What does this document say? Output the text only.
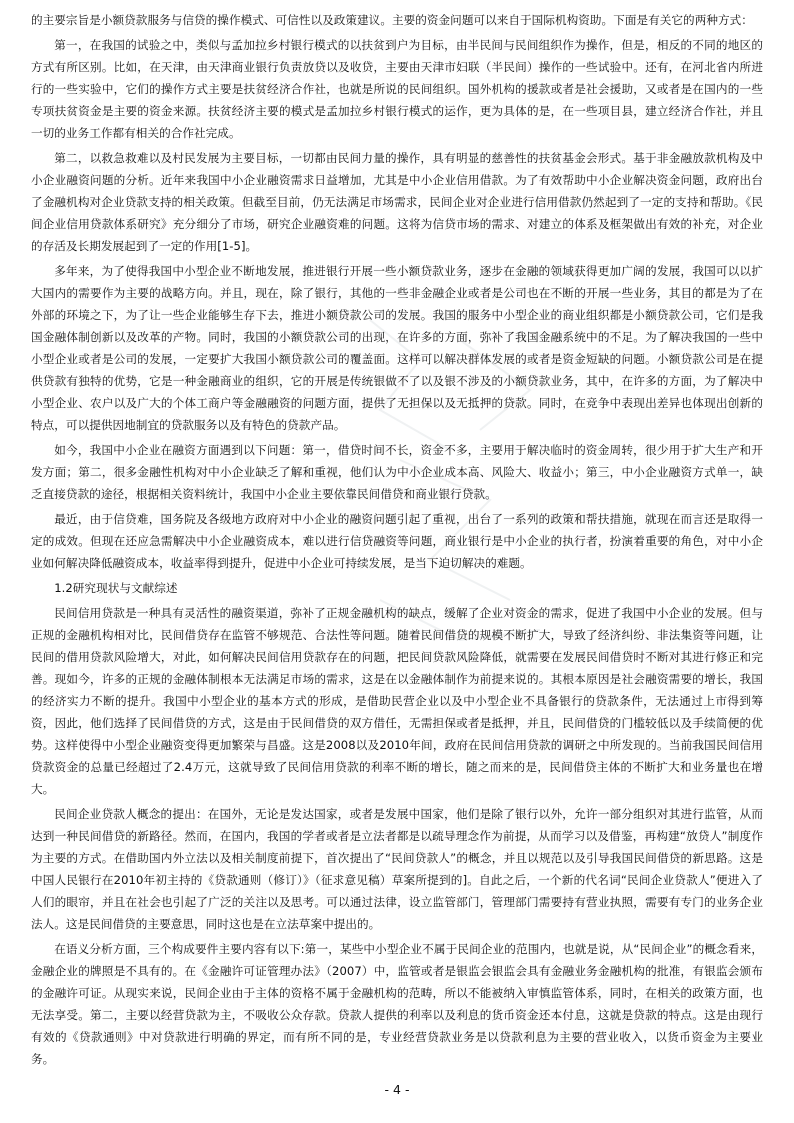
的主要宗旨是小额贷款服务与信贷的操作模式、可信性以及政策建议。主要的资金问题可以来自于国际机构资助。下面是有关它的两种方式：

第一，在我国的试验之中，类似与孟加拉乡村银行模式的以扶贫到户为目标，由半民间与民间组织作为操作，但是，相反的不同的地区的方式有所区别。比如，在天津，由天津商业银行负责放贷以及收贷，主要由天津市妇联（半民间）操作的一些试验中。还有，在河北省内所进行的一些实验中，它们的操作方式主要是扶贫经济合作社，也就是所说的民间组织。国外机构的援款或者是社会援助，又或者是在国内的一些专项扶贫资金是主要的资金来源。扶贫经济主要的模式是孟加拉乡村银行模式的运作，更为具体的是，在一些项目县，建立经济合作社，并且一切的业务工作都有相关的合作社完成。

第二，以救急救难以及村民发展为主要目标，一切都由民间力量的操作，具有明显的慈善性的扶贫基金会形式。基于非金融放款机构及中小企业融资问题的分析。近年来我国中小企业融资需求日益增加，尤其是中小企业信用借款。为了有效帮助中小企业解决资金问题，政府出台了金融机构对企业贷款支持的相关政策。但截至目前，仍无法满足市场需求，民间企业对企业进行信用借款仍然起到了一定的支持和帮助。《民间企业信用贷款体系研究》充分细分了市场，研究企业融资难的问题。这将为信贷市场的需求、对建立的体系及框架做出有效的补充，对企业的存活及长期发展起到了一定的作用[1-5]。

多年来，为了使得我国中小型企业不断地发展，推进银行开展一些小额贷款业务，逐步在金融的领域获得更加广阔的发展，我国可以以扩大国内的需要作为主要的战略方向。并且，现在，除了银行，其他的一些非金融企业或者是公司也在不断的开展一些业务，其目的都是为了在外部的环境之下，为了让一些企业能够生存下去，推进小额贷款公司的发展。我国的服务中小型企业的商业组织都是小额贷款公司，它们是我国金融体制创新以及改革的产物。同时，我国的小额贷款公司的出现，在许多的方面，弥补了我国金融系统中的不足。为了解决我国的一些中小型企业或者是公司的发展，一定要扩大我国小额贷款公司的覆盖面。这样可以解决群体发展的或者是资金短缺的问题。小额贷款公司是在提供贷款有独特的优势，它是一种金融商业的组织，它的开展是传统银做不了以及银不涉及的小额贷款业务，其中，在许多的方面，为了解决中小型企业、农户以及广大的个体工商户等金融融资的问题方面，提供了无担保以及无抵押的贷款。同时，在竞争中表现出差异也体现出创新的特点，可以提供因地制宜的贷款服务以及有特色的贷款产品。

如今，我国中小企业在融资方面遇到以下问题：第一，借贷时间不长，资金不多，主要用于解决临时的资金周转，很少用于扩大生产和开发方面；第二，很多金融性机构对中小企业缺乏了解和重视，他们认为中小企业成本高、风险大、收益小；第三，中小企业融资方式单一，缺乏直接贷款的途径，根据相关资料统计，我国中小企业主要依靠民间借贷和商业银行贷款。

最近，由于信贷难，国务院及各级地方政府对中小企业的融资问题引起了重视，出台了一系列的政策和帮扶措施，就现在而言还是取得一定的成效。但现在还应急需解决中小企业融资成本，难以进行信贷融资等问题，商业银行是中小企业的执行者，扮演着重要的角色，对中小企业如何解决降低融资成本，收益率得到提升，促进中小企业可持续发展，是当下迫切解决的难题。

1.2研究现状与文献综述

民间信用贷款是一种具有灵活性的融资渠道，弥补了正规金融机构的缺点，缓解了企业对资金的需求，促进了我国中小企业的发展。但与正规的金融机构相对比，民间借贷存在监管不够规范、合法性等问题。随着民间借贷的规模不断扩大，导致了经济纠纷、非法集资等问题，让民间的借用贷款风险增大，对此，如何解决民间信用贷款存在的问题，把民间贷款风险降低，就需要在发展民间借贷时不断对其进行修正和完善。现如今，许多的正规的金融体制根本无法满足市场的需求，这是在以金融体制作为前提来说的。其根本原因是社会融资需要的增长，我国的经济实力不断的提升。我国中小型企业的基本方式的形成，是借助民营企业以及中小型企业不具备银行的贷款条件，无法通过上市得到筹资，因此，他们选择了民间借贷的方式，这是由于民间借贷的双方借任，无需担保或者是抵押，并且，民间借贷的门槛较低以及手续简便的优势。这样使得中小型企业融资变得更加繁荣与昌盛。这是2008以及2010年间，政府在民间信用贷款的调研之中所发现的。当前我国民间信用贷款资金的总量已经超过了2.4万元，这就导致了民间信用贷款的利率不断的增长，随之而来的是，民间借贷主体的不断扩大和业务量也在增大。

民间企业贷款人概念的提出：在国外，无论是发达国家，或者是发展中国家，他们是除了银行以外，允许一部分组织对其进行监管，从而达到一种民间借贷的新路径。然而，在国内，我国的学者或者是立法者都是以疏导理念作为前提，从而学习以及借鉴，再构建“放贷人”制度作为主要的方式。在借助国内外立法以及相关制度前提下，首次提出了“民间贷款人”的概念，并且以规范以及引导我国民间借贷的新思路。这是中国人民银行在2010年初主持的《贷款通则（修订）》（征求意见稿）草案所提到的]。自此之后，一个新的代名词“民间企业贷款人”便进入了人们的眼帘，并且在社会也引起了广泛的关注以及思考。可以通过法律，设立监管部门，管理部门需要持有营业执照，需要有专门的业务企业法人。这是民间借贷的主要意思，同时这也是在立法草案中提出的。

在语义分析方面，三个构成要件主要内容有以下:第一，某些中小型企业不属于民间企业的范围内，也就是说，从“民间企业”的概念看来，金融企业的牌照是不具有的。在《金融许可证管理办法》（2007）中，监管或者是银监会银监会具有金融业务金融机构的批准，有银监会颁布的金融许可证。从现实来说，民间企业由于主体的资格不属于金融机构的范畴，所以不能被纳入审慎监管体系，同时，在相关的政策方面，也无法享受。第二，主要以经营贷款为主，不吸收公众存款。贷款人提供的利率以及利息的货币资金还本付息，这就是贷款的特点。这是由现行有效的《贷款通则》中对贷款进行明确的界定，而有所不同的是，专业经营贷款业务是以贷款利息为主要的营业收入，以货币资金为主要业务。

- 4 -
